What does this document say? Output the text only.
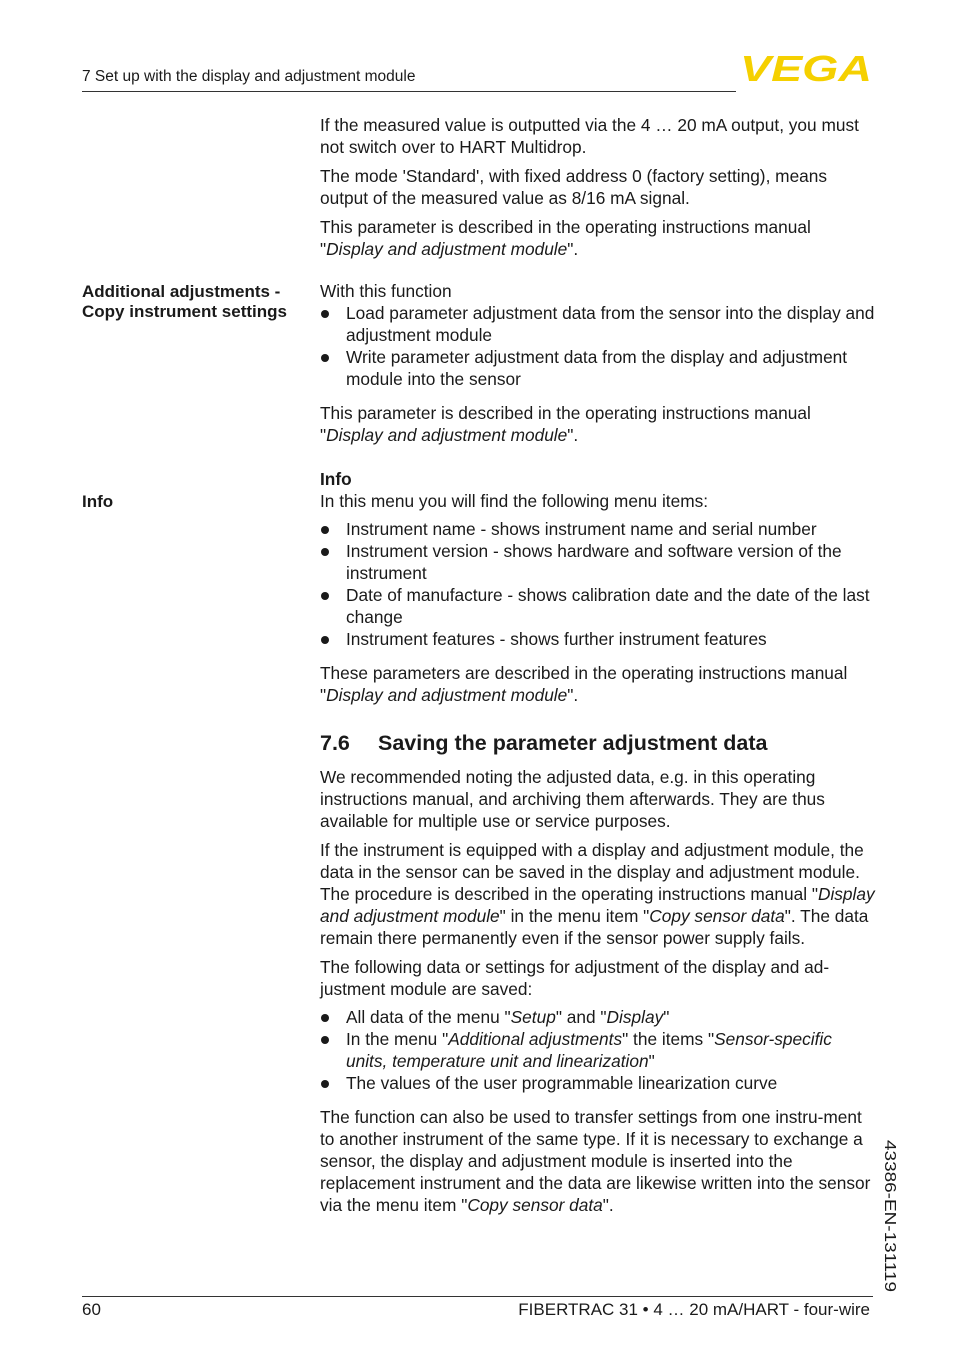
7 Set up with the display and adjustment module	VEGA

If the measured value is outputted via the 4 … 20 mA output, you must not switch over to HART Multidrop.

The mode 'Standard', with fixed address 0 (factory setting), means output of the measured value as 8/16 mA signal.

This parameter is described in the operating instructions manual "Display and adjustment module".

Additional adjustments - Copy instrument settings

With this function

Load parameter adjustment data from the sensor into the display and adjustment module
Write parameter adjustment data from the display and adjustment module into the sensor

This parameter is described in the operating instructions manual "Display and adjustment module".

Info

Info

In this menu you will find the following menu items:

Instrument name - shows instrument name and serial number
Instrument version - shows hardware and software version of the instrument
Date of manufacture - shows calibration date and the date of the last change
Instrument features - shows further instrument features

These parameters are described in the operating instructions manual "Display and adjustment module".

7.6 Saving the parameter adjustment data

We recommended noting the adjusted data, e.g. in this operating instructions manual, and archiving them afterwards. They are thus available for multiple use or service purposes.

If the instrument is equipped with a display and adjustment module, the data in the sensor can be saved in the display and adjustment module. The procedure is described in the operating instructions manual "Display and adjustment module" in the menu item "Copy sensor data". The data remain there permanently even if the sensor power supply fails.

The following data or settings for adjustment of the display and ad-justment module are saved:

All data of the menu "Setup" and "Display"
In the menu "Additional adjustments" the items "Sensor-specific units, temperature unit and linearization"
The values of the user programmable linearization curve

The function can also be used to transfer settings from one instru-ment to another instrument of the same type. If it is necessary to exchange a sensor, the display and adjustment module is inserted into the replacement instrument and the data are likewise written into the sensor via the menu item "Copy sensor data".	43386-EN-131119
60	FIBERTRAC 31 • 4 … 20 mA/HART - four-wire
